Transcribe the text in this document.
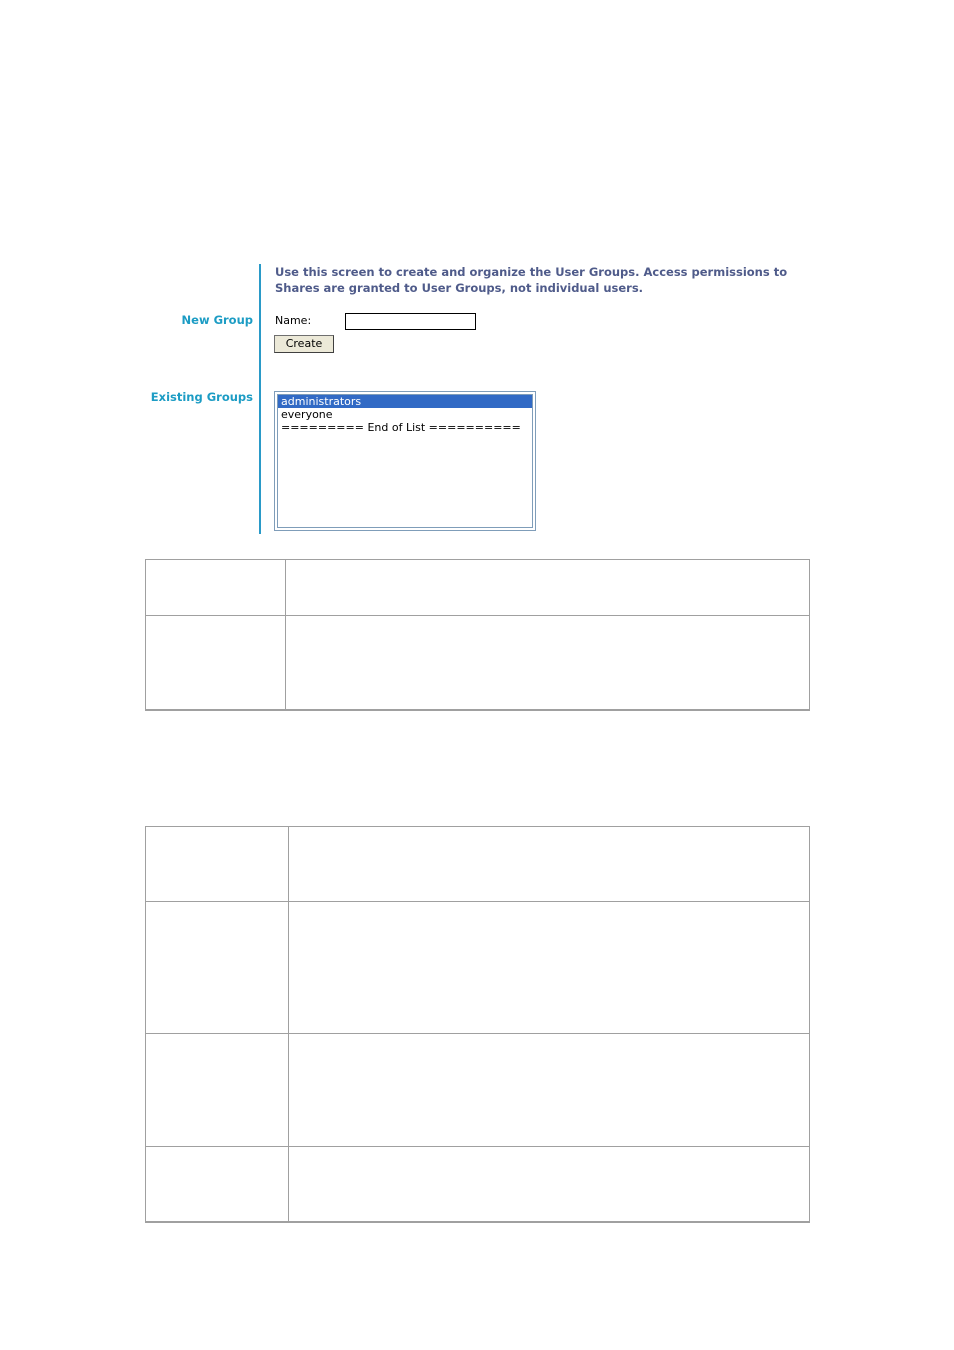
Use this screen to create and organize the User Groups. Access permissions to Shares are granted to User Groups, not individual users.
New Group Name:
Create
Existing Groups	administrators
everyone
========= End of List ==========
